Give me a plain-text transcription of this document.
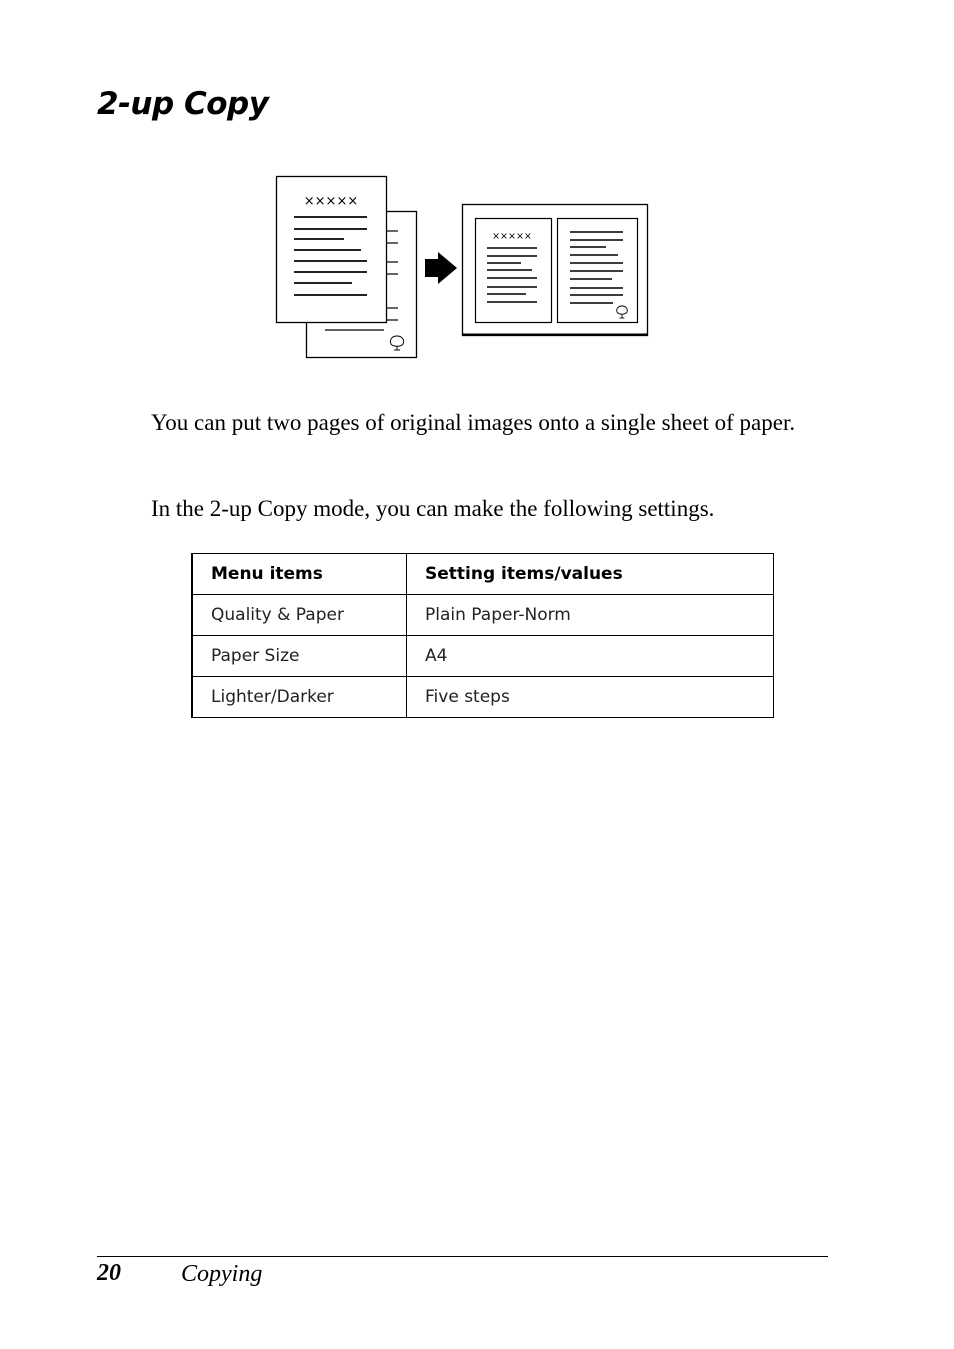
2-up Copy
×××××
×××××

You can put two pages of original images onto a single sheet of paper.

In the 2-up Copy mode, you can make the following settings.

Menu items	Setting items/values
Quality & Paper	Plain Paper-Norm
Paper Size	A4
Lighter/Darker	Five steps
20	Copying
